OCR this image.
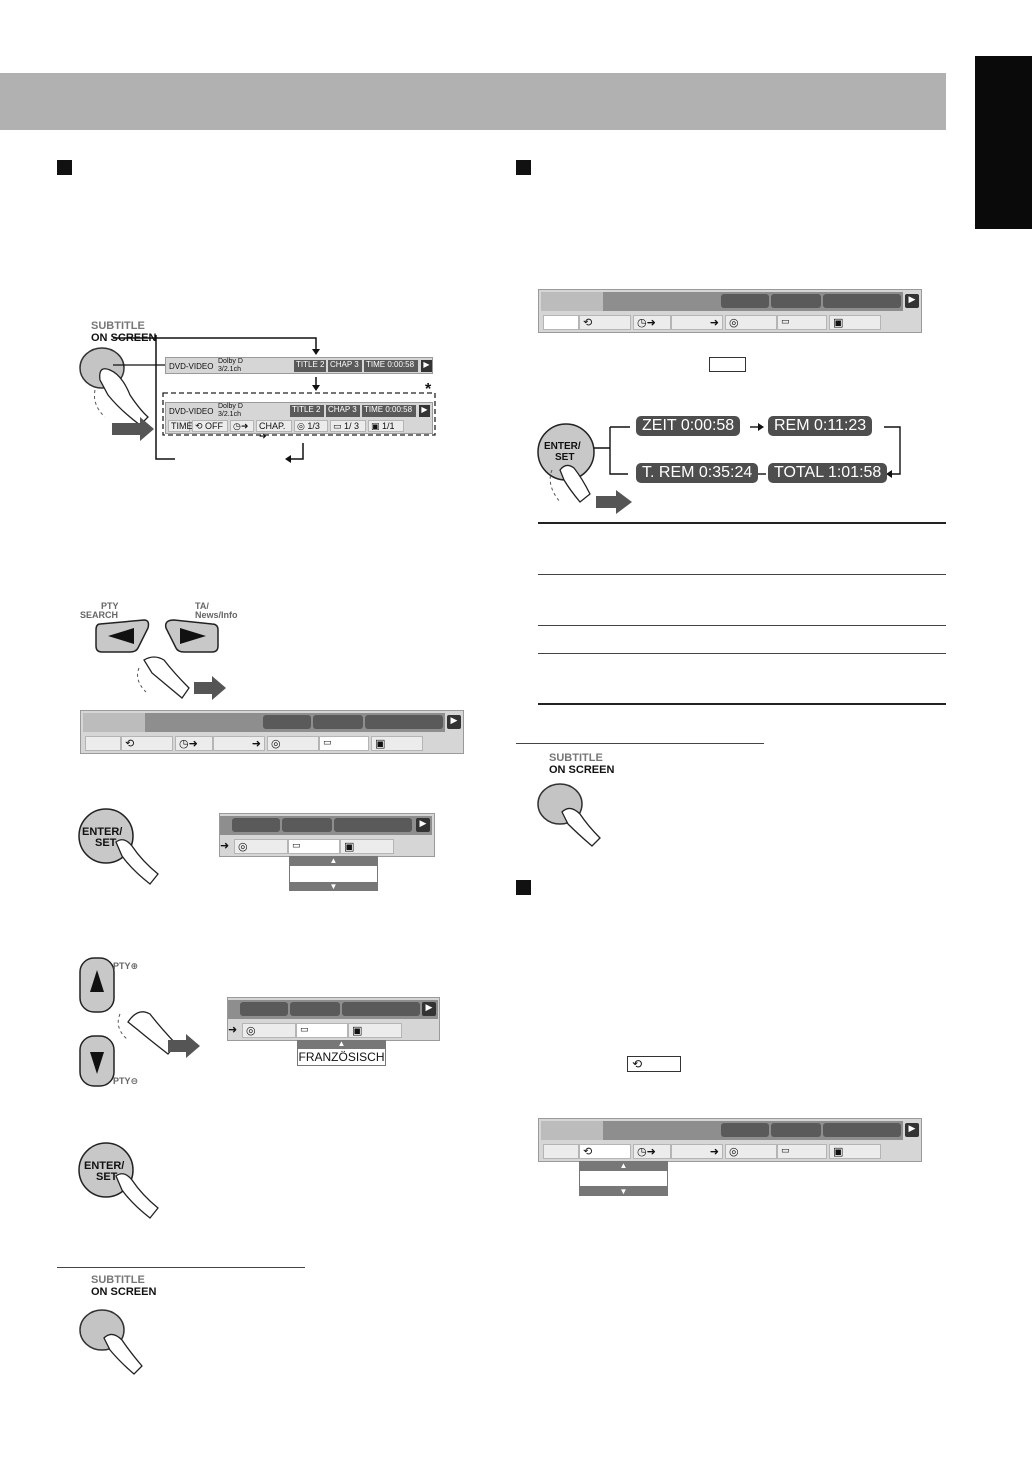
SUBTITLE
ON SCREEN
DVD-VIDEO
Dolby D
3/2.1ch
TITLE 2 CHAP 3 TIME 0:00:58	▶
*
DVD-VIDEO
Dolby D
3/2.1ch
TITLE 2 CHAP 3 TIME 0:00:58	▶
TIME ⟲ OFF	◷➜	CHAP. ➜
◎ 1/3	▭ 1/ 3	▣ 1/1
PTY
SEARCH
TA/
News/Info
▶
⟲	◷➜	➜ ◎	▭	▣
ENTER/
SET
▶
➜ ◎	▭	▣
▲
▼
PTY⊕
PTY⊖
▶
➜ ◎	▭	▣
▲
FRANZÖSISCH
ENTER/
SET
SUBTITLE
ON SCREEN
▶
⟲	◷➜	➜ ◎	▭	▣
ZEIT 0:00:58	REM 0:11:23
T. REM 0:35:24	TOTAL 1:01:58
ENTER/
SET
SUBTITLE
ON SCREEN
⟲
▶
⟲	◷➜	➜ ◎	▭	▣
▲
▼
